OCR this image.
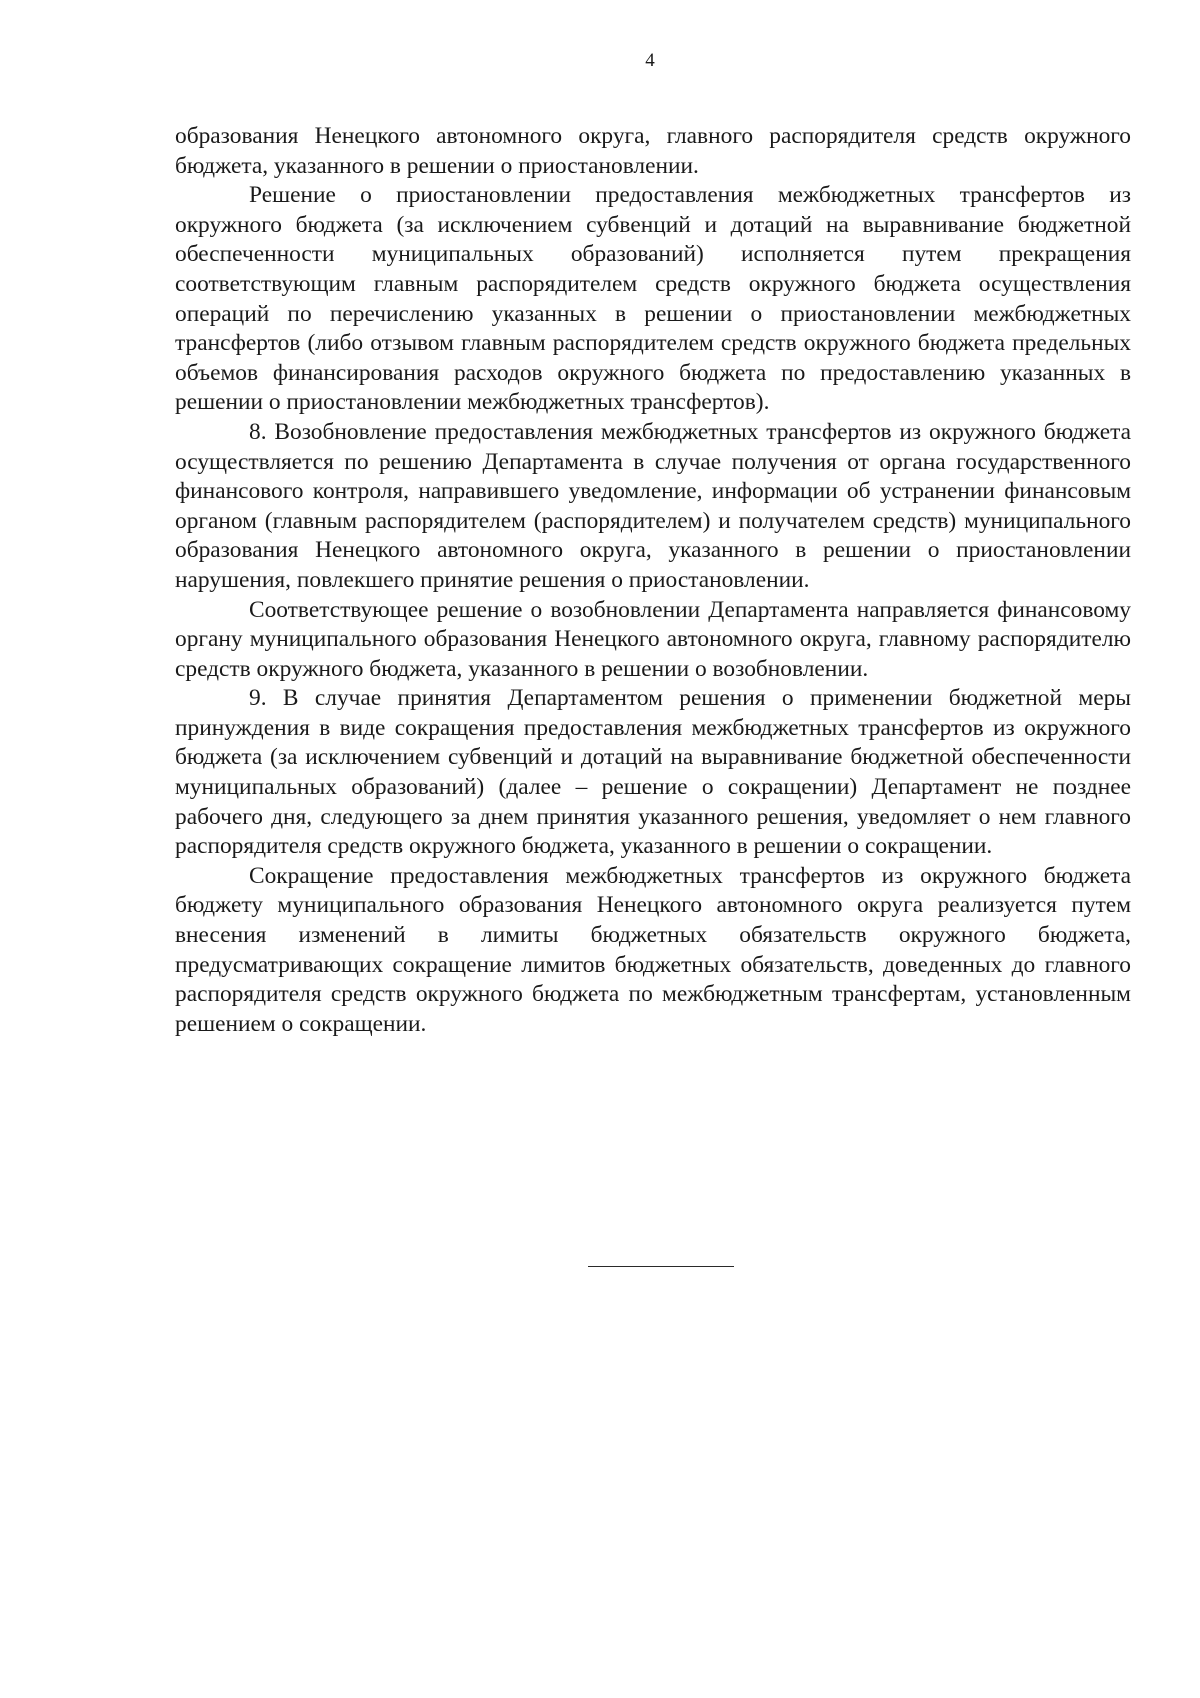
4

образования Ненецкого автономного округа, главного распорядителя средств окружного бюджета, указанного в решении о приостановлении.

Решение о приостановлении предоставления межбюджетных трансфертов из окружного бюджета (за исключением субвенций и дотаций на выравнивание бюджетной обеспеченности муниципальных образований) исполняется путем прекращения соответствующим главным распорядителем средств окружного бюджета осуществления операций по перечислению указанных в решении о приостановлении межбюджетных трансфертов (либо отзывом главным распорядителем средств окружного бюджета предельных объемов финансирования расходов окружного бюджета по предоставлению указанных в решении о приостановлении межбюджетных трансфертов).

8. Возобновление предоставления межбюджетных трансфертов из окружного бюджета осуществляется по решению Департамента в случае получения от органа государственного финансового контроля, направившего уведомление, информации об устранении финансовым органом (главным распорядителем (распорядителем) и получателем средств) муниципального образования Ненецкого автономного округа, указанного в решении о приостановлении нарушения, повлекшего принятие решения о приостановлении.

Соответствующее решение о возобновлении Департамента направляется финансовому органу муниципального образования Ненецкого автономного округа, главному распорядителю средств окружного бюджета, указанного в решении о возобновлении.

9. В случае принятия Департаментом решения о применении бюджетной меры принуждения в виде сокращения предоставления межбюджетных трансфертов из окружного бюджета (за исключением субвенций и дотаций на выравнивание бюджетной обеспеченности муниципальных образований) (далее – решение о сокращении) Департамент не позднее рабочего дня, следующего за днем принятия указанного решения, уведомляет о нем главного распорядителя средств окружного бюджета, указанного в решении о сокращении.

Сокращение предоставления межбюджетных трансфертов из окружного бюджета бюджету муниципального образования Ненецкого автономного округа реализуется путем внесения изменений в лимиты бюджетных обязательств окружного бюджета, предусматривающих сокращение лимитов бюджетных обязательств, доведенных до главного распорядителя средств окружного бюджета по межбюджетным трансфертам, установленным решением о сокращении.
